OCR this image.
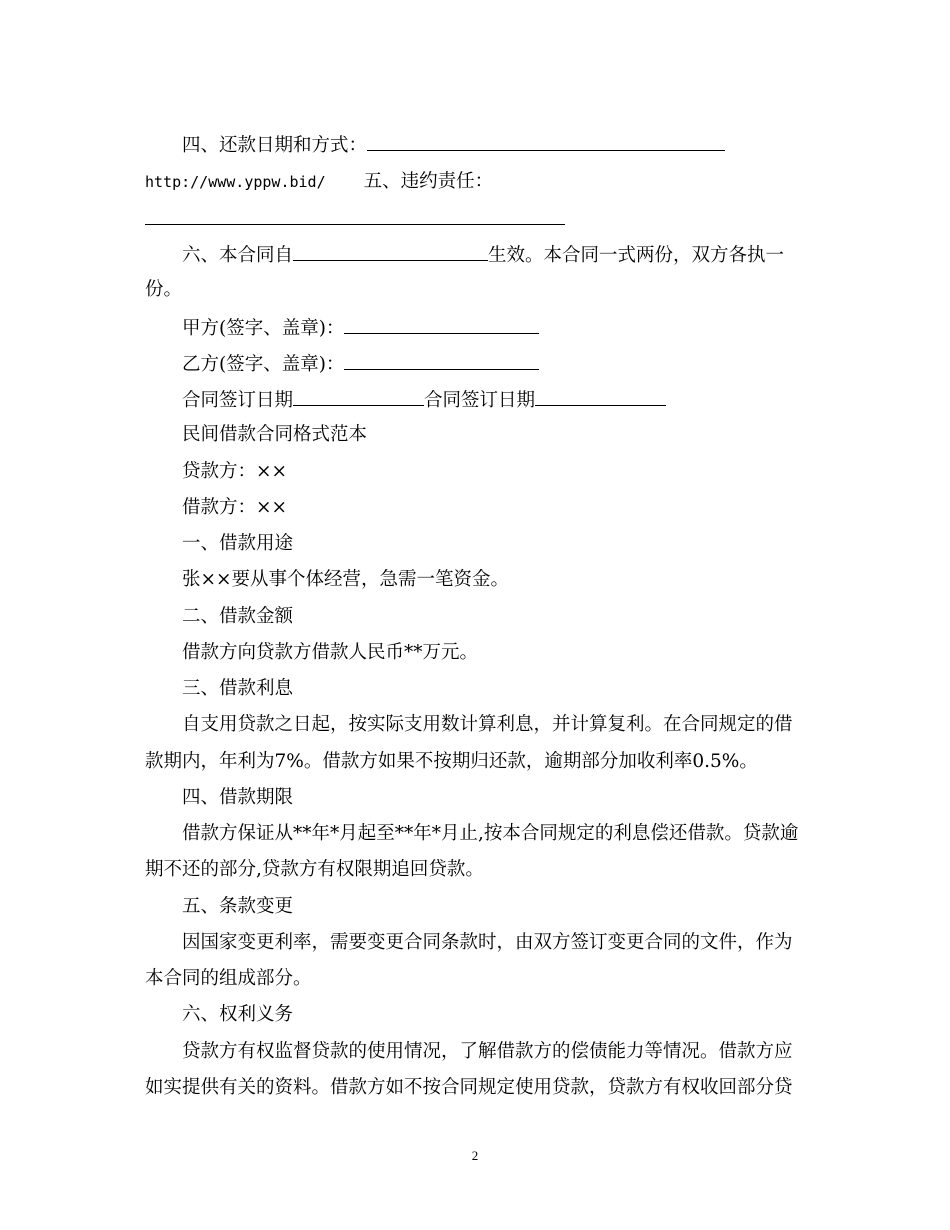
四、还款日期和方式：
http://www.yppw.bid/ 五、违约责任：
六、本合同自	生效。本合同一式两份，双方各执一
份。
甲方(签字、盖章)：
乙方(签字、盖章)：
合同签订日期	合同签订日期
民间借款合同格式范本
贷款方：××
借款方：××
一、借款用途
张××要从事个体经营，急需一笔资金。
二、借款金额
借款方向贷款方借款人民币**万元。
三、借款利息
自支用贷款之日起，按实际支用数计算利息，并计算复利。在合同规定的借
款期内，年利为7%。借款方如果不按期归还款，逾期部分加收利率0.5%。
四、借款期限
借款方保证从**年*月起至**年*月止,按本合同规定的利息偿还借款。贷款逾
期不还的部分,贷款方有权限期追回贷款。
五、条款变更
因国家变更利率，需要变更合同条款时，由双方签订变更合同的文件，作为
本合同的组成部分。
六、权利义务
贷款方有权监督贷款的使用情况，了解借款方的偿债能力等情况。借款方应
如实提供有关的资料。借款方如不按合同规定使用贷款，贷款方有权收回部分贷
2
